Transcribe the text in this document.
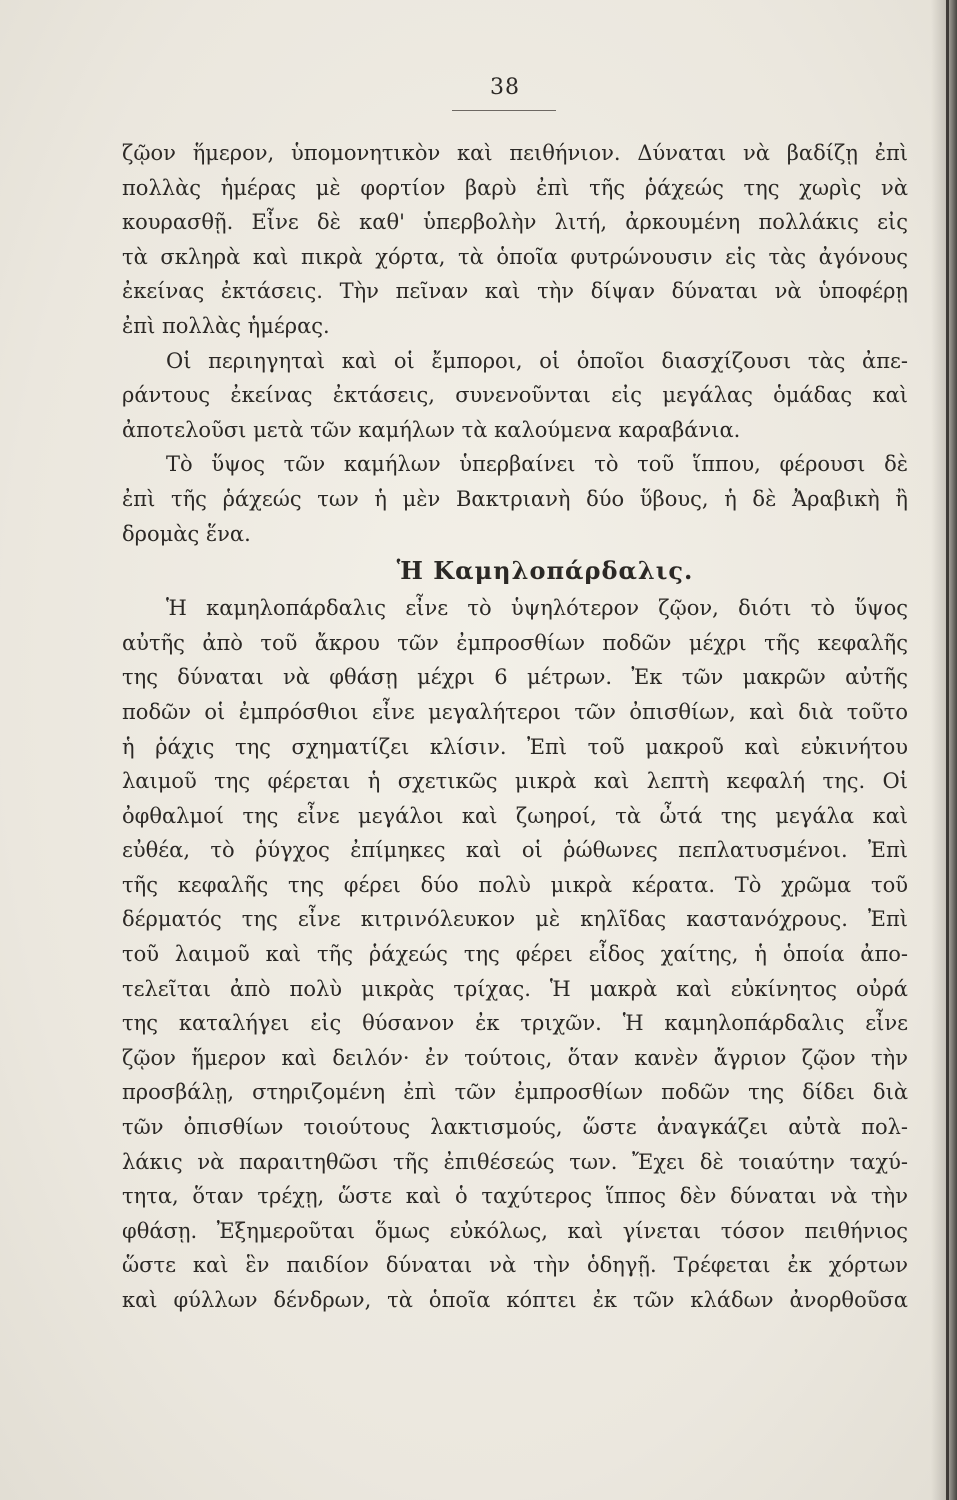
38
ζῷον ἥμερον, ὑπομονητικὸν καὶ πειθήνιον. Δύναται νὰ βαδίζῃ ἐπὶ
πολλὰς ἡμέρας μὲ φορτίον βαρὺ ἐπὶ τῆς ῥάχεώς της χωρὶς νὰ
κουρασθῇ. Εἶνε δὲ καθ' ὑπερβολὴν λιτή, ἀρκουμένη πολλάκις εἰς
τὰ σκληρὰ καὶ πικρὰ χόρτα, τὰ ὁποῖα φυτρώνουσιν εἰς τὰς ἀγόνους
ἐκείνας ἐκτάσεις. Τὴν πεῖναν καὶ τὴν δίψαν δύναται νὰ ὑποφέρῃ
ἐπὶ πολλὰς ἡμέρας.
Οἱ περιηγηταὶ καὶ οἱ ἔμποροι, οἱ ὁποῖοι διασχίζουσι τὰς ἀπε-
ράντους ἐκείνας ἐκτάσεις, συνενοῦνται εἰς μεγάλας ὁμάδας καὶ
ἀποτελοῦσι μετὰ τῶν καμήλων τὰ καλούμενα καραβάνια.
Τὸ ὕψος τῶν καμήλων ὑπερβαίνει τὸ τοῦ ἵππου, φέρουσι δὲ
ἐπὶ τῆς ῥάχεώς των ἡ μὲν Βακτριανὴ δύο ὕβους, ἡ δὲ Ἀραβικὴ ἢ
δρομὰς ἕνα.
Ἡ Καμηλοπάρδαλις.
Ἡ καμηλοπάρδαλις εἶνε τὸ ὑψηλότερον ζῷον, διότι τὸ ὕψος
αὐτῆς ἀπὸ τοῦ ἄκρου τῶν ἐμπροσθίων ποδῶν μέχρι τῆς κεφαλῆς
της δύναται νὰ φθάσῃ μέχρι 6 μέτρων. Ἐκ τῶν μακρῶν αὐτῆς
ποδῶν οἱ ἐμπρόσθιοι εἶνε μεγαλήτεροι τῶν ὀπισθίων, καὶ διὰ τοῦτο
ἡ ῥάχις της σχηματίζει κλίσιν. Ἐπὶ τοῦ μακροῦ καὶ εὐκινήτου
λαιμοῦ της φέρεται ἡ σχετικῶς μικρὰ καὶ λεπτὴ κεφαλή της. Οἱ
ὀφθαλμοί της εἶνε μεγάλοι καὶ ζωηροί, τὰ ὦτά της μεγάλα καὶ
εὐθέα, τὸ ῥύγχος ἐπίμηκες καὶ οἱ ῥώθωνες πεπλατυσμένοι. Ἐπὶ
τῆς κεφαλῆς της φέρει δύο πολὺ μικρὰ κέρατα. Τὸ χρῶμα τοῦ
δέρματός της εἶνε κιτρινόλευκον μὲ κηλῖδας καστανόχρους. Ἐπὶ
τοῦ λαιμοῦ καὶ τῆς ῥάχεώς της φέρει εἶδος χαίτης, ἡ ὁποία ἀπο-
τελεῖται ἀπὸ πολὺ μικρὰς τρίχας. Ἡ μακρὰ καὶ εὐκίνητος οὐρά
της καταλήγει εἰς θύσανον ἐκ τριχῶν. Ἡ καμηλοπάρδαλις εἶνε
ζῷον ἥμερον καὶ δειλόν· ἐν τούτοις, ὅταν κανὲν ἄγριον ζῷον τὴν
προσβάλῃ, στηριζομένη ἐπὶ τῶν ἐμπροσθίων ποδῶν της δίδει διὰ
τῶν ὀπισθίων τοιούτους λακτισμούς, ὥστε ἀναγκάζει αὐτὰ πολ-
λάκις νὰ παραιτηθῶσι τῆς ἐπιθέσεώς των. Ἔχει δὲ τοιαύτην ταχύ-
τητα, ὅταν τρέχῃ, ὥστε καὶ ὁ ταχύτερος ἵππος δὲν δύναται νὰ τὴν
φθάσῃ. Ἐξημεροῦται ὅμως εὐκόλως, καὶ γίνεται τόσον πειθήνιος
ὥστε καὶ ἓν παιδίον δύναται νὰ τὴν ὁδηγῇ. Τρέφεται ἐκ χόρτων
καὶ φύλλων δένδρων, τὰ ὁποῖα κόπτει ἐκ τῶν κλάδων ἀνορθοῦσα
